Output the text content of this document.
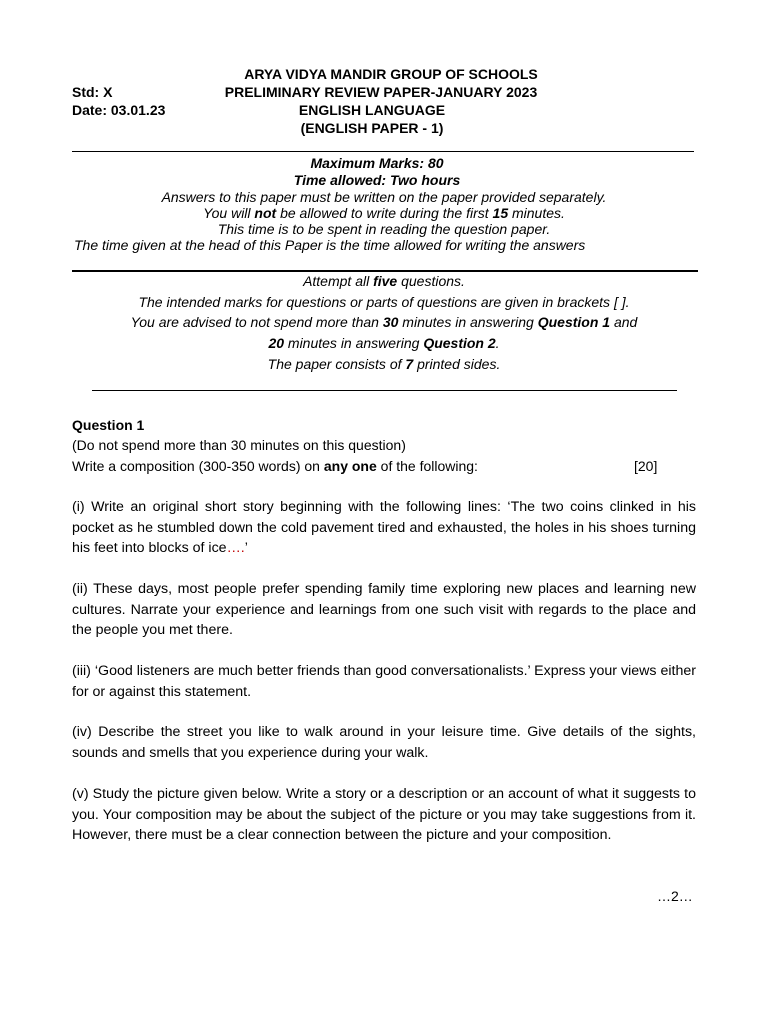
ARYA VIDYA MANDIR GROUP OF SCHOOLS
Std: X	PRELIMINARY REVIEW PAPER-JANUARY 2023
Date: 03.01.23	ENGLISH LANGUAGE
(ENGLISH PAPER - 1)
Maximum Marks: 80
Time allowed: Two hours
Answers to this paper must be written on the paper provided separately.
You will not be allowed to write during the first 15 minutes.
This time is to be spent in reading the question paper.
The time given at the head of this Paper is the time allowed for writing the answers
Attempt all five questions.
The intended marks for questions or parts of questions are given in brackets [ ].
You are advised to not spend more than 30 minutes in answering Question 1 and
20 minutes in answering Question 2.
The paper consists of 7 printed sides.
Question 1
(Do not spend more than 30 minutes on this question)
Write a composition (300-350 words) on any one of the following:	[20]
(i) Write an original short story beginning with the following lines: ‘The two coins clinked in his pocket as he stumbled down the cold pavement tired and exhausted, the holes in his shoes turning his feet into blocks of ice….’
(ii) These days, most people prefer spending family time exploring new places and learning new cultures. Narrate your experience and learnings from one such visit with regards to the place and the people you met there.
(iii) ‘Good listeners are much better friends than good conversationalists.’ Express your views either for or against this statement.
(iv) Describe the street you like to walk around in your leisure time. Give details of the sights, sounds and smells that you experience during your walk.
(v) Study the picture given below. Write a story or a description or an account of what it suggests to you. Your composition may be about the subject of the picture or you may take suggestions from it. However, there must be a clear connection between the picture and your composition.
…2…
